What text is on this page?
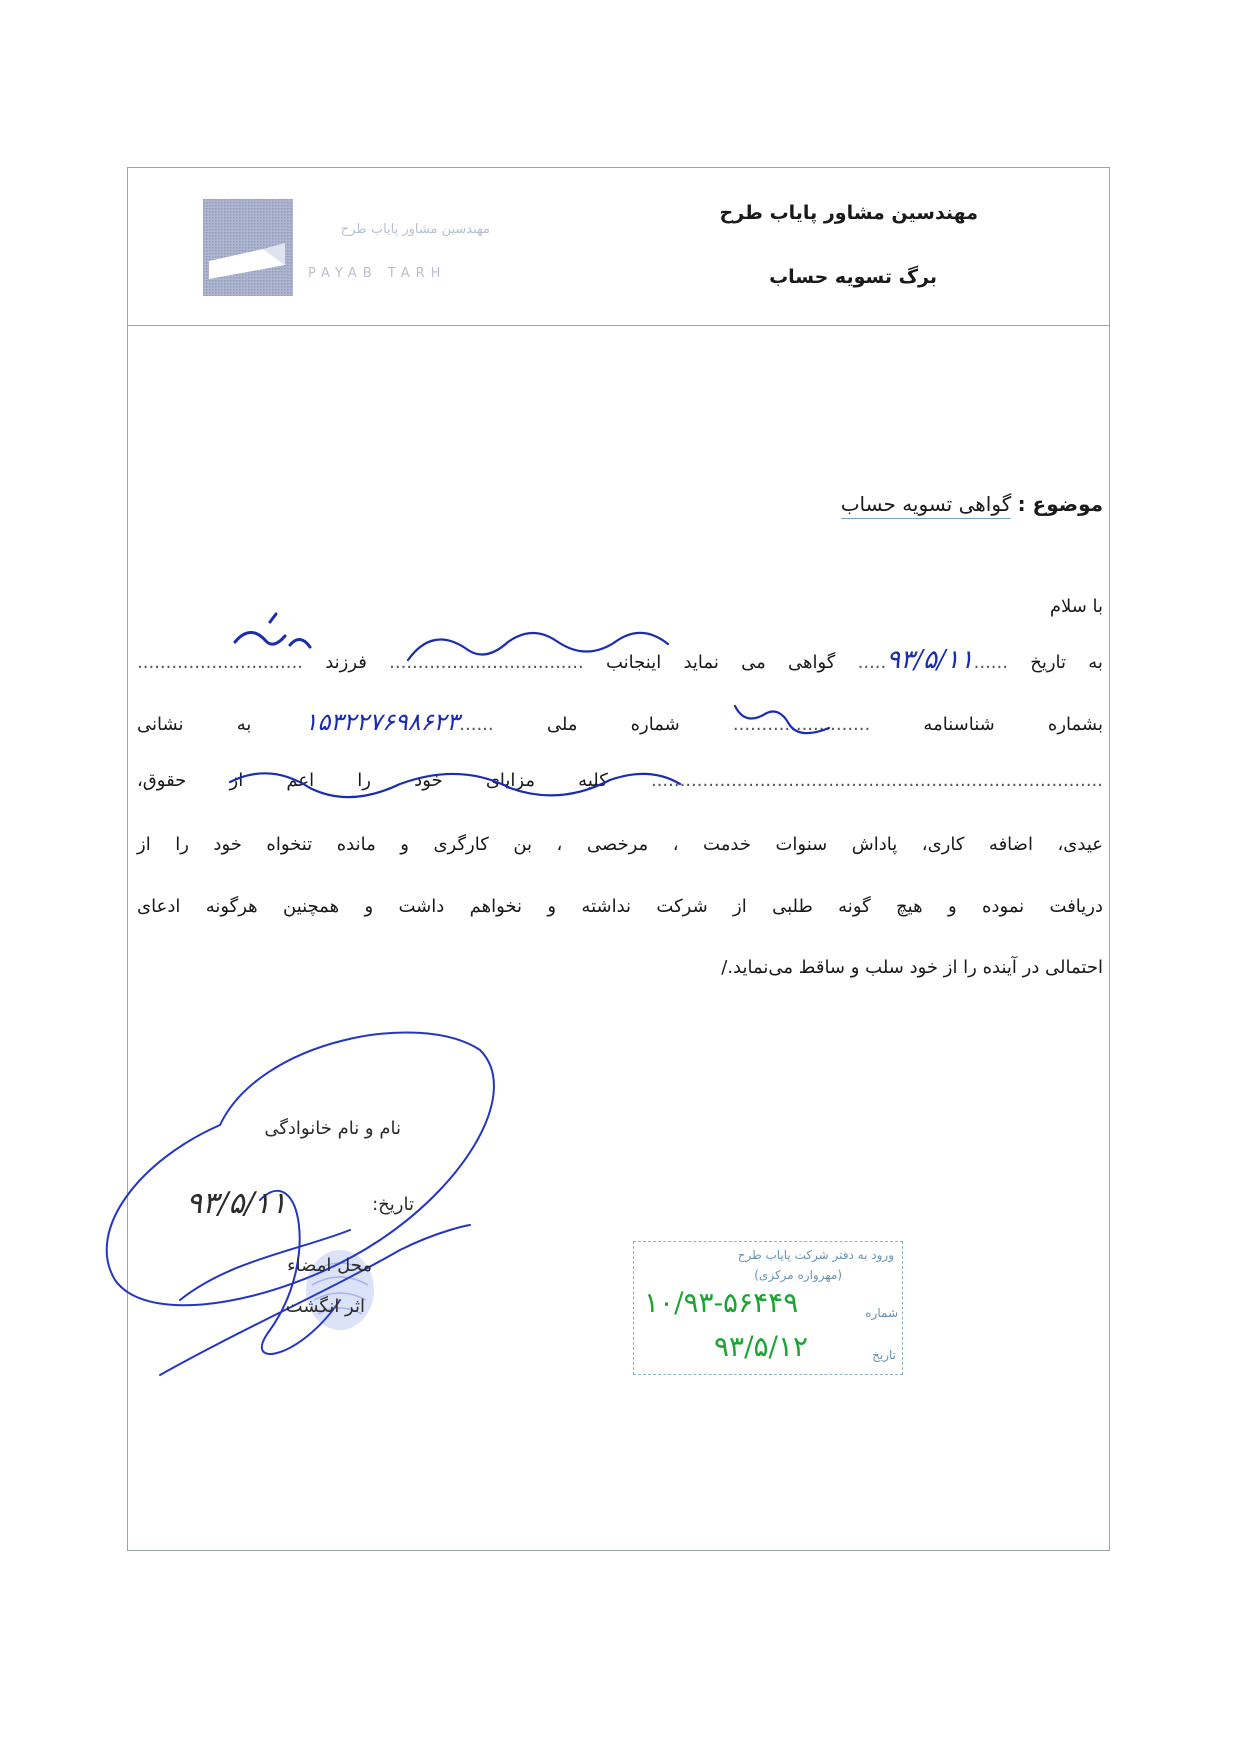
مهندسین مشاور پایاب طرح
PAYAB TARH
مهندسین مشاور پایاب طرح
برگ تسویه حساب
موضوع : گواهی تسویه حساب
با سلام
به تاریخ ......۹۳/۵/۱۱..... گواهی می نماید اینجانب .................................. فرزند .............................
بشماره شناسنامه ........................ شماره ملی ......۱۵۳۲۲۷۶۹۸۶۲۳ به نشانی
............................................................................... کلیه مزایای خود را اعم از حقوق،
عیدی، اضافه کاری، پاداش سنوات خدمت ، مرخصی ، بن کارگری و مانده تنخواه خود را از
دریافت نموده و هیچ گونه طلبی از شرکت نداشته و نخواهم داشت و همچنین هرگونه ادعای
احتمالی در آینده را از خود سلب و ساقط می‌نماید./
نام و نام خانوادگی
تاریخ:
۹۳/۵/۱۱
محل امضاء
اثر انگشت
ورود به دفتر شرکت پایاب طرح
(مهرواره مرکزی)
شماره
۱۰/۹۳-۵۶۴۴۹
تاریخ
۹۳/۵/۱۲
